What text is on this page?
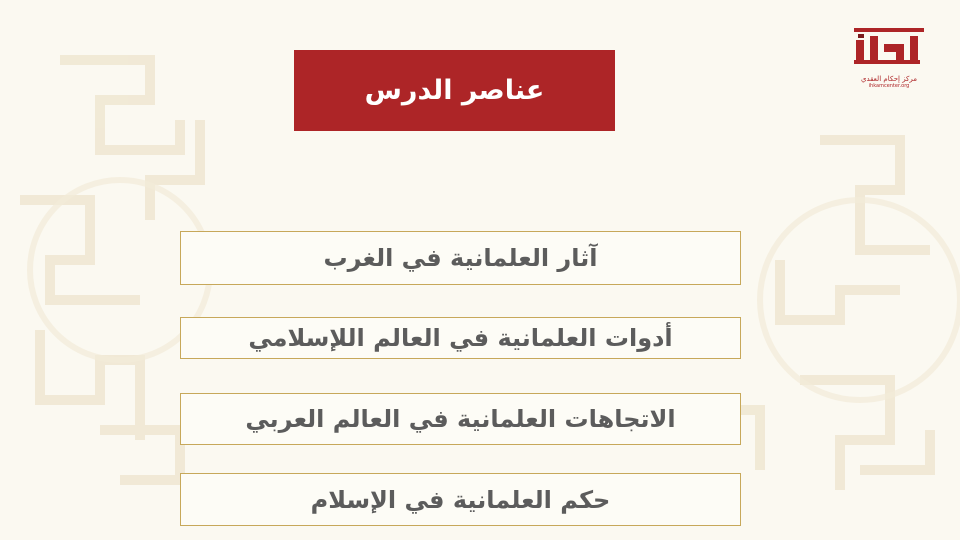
عناصر الدرس
آثار العلمانية في الغرب
أدوات العلمانية في العالم اللإسلامي
الاتجاهات العلمانية في العالم العربي
حكم العلمانية في الإسلام
مركز إحكام العقدي
ihkamcenter.org
